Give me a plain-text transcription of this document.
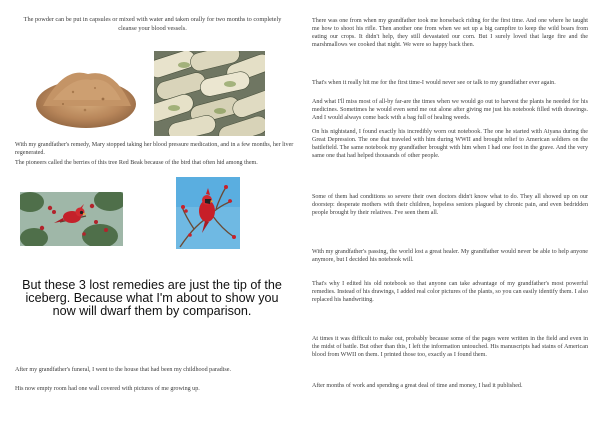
The powder can be put in capsules or mixed with water and taken orally for two months to completely cleanse your blood vessels.
With my grandfather's remedy, Mary stopped taking her blood pressure medication, and in a few months, her liver regenerated.
The pioneers called the berries of this tree Red Beak because of the bird that often hid among them.
But these 3 lost remedies are just the tip of the iceberg. Because what I'm about to show you now will dwarf them by comparison.
After my grandfather's funeral, I went to the house that had been my childhood paradise.
His now empty room had one wall covered with pictures of me growing up.
There was one from when my grandfather took me horseback riding for the first time. And one where he taught me how to shoot his rifle. Then another one from when we set up a big campfire to keep the wild boars from eating our crops. It didn't help, they still devastated our corn. But I surely loved that large fire and the marshmallows we cooked that night. We were so happy back then.
That's when it really hit me for the first time-I would never see or talk to my grandfather ever again.
And what I'll miss most of all-by far-are the times when we would go out to harvest the plants he needed for his medicines. Sometimes he would even send me out alone after giving me just his notebook filled with drawings. And I would always come back with a bag full of healing weeds.
On his nightstand, I found exactly his incredibly worn out notebook. The one he started with Aiyana during the Great Depression. The one that traveled with him during WWII and brought relief to American soldiers on the battlefield. The same notebook my grandfather brought with him when I had one foot in the grave. And the very same one that had helped thousands of other people.
Some of them had conditions so severe their own doctors didn't know what to do. They all showed up on our doorstep: desperate mothers with their children, hopeless seniors plagued by chronic pain, and even bedridden people brought by their relatives. I've seen them all.
With my grandfather's passing, the world lost a great healer. My grandfather would never be able to help anyone anymore, but I decided his notebook will.
That's why I edited his old notebook so that anyone can take advantage of my grandfather's most powerful remedies. Instead of his drawings, I added real color pictures of the plants, so you can easily identify them. I also replaced his handwriting.
At times it was difficult to make out, probably because some of the pages were written in the field and even in the midst of battle. But other than this, I left the information untouched. His manuscripts had stains of American blood from WWII on them. I printed those too, exactly as I found them.
After months of work and spending a great deal of time and money, I had it published.
